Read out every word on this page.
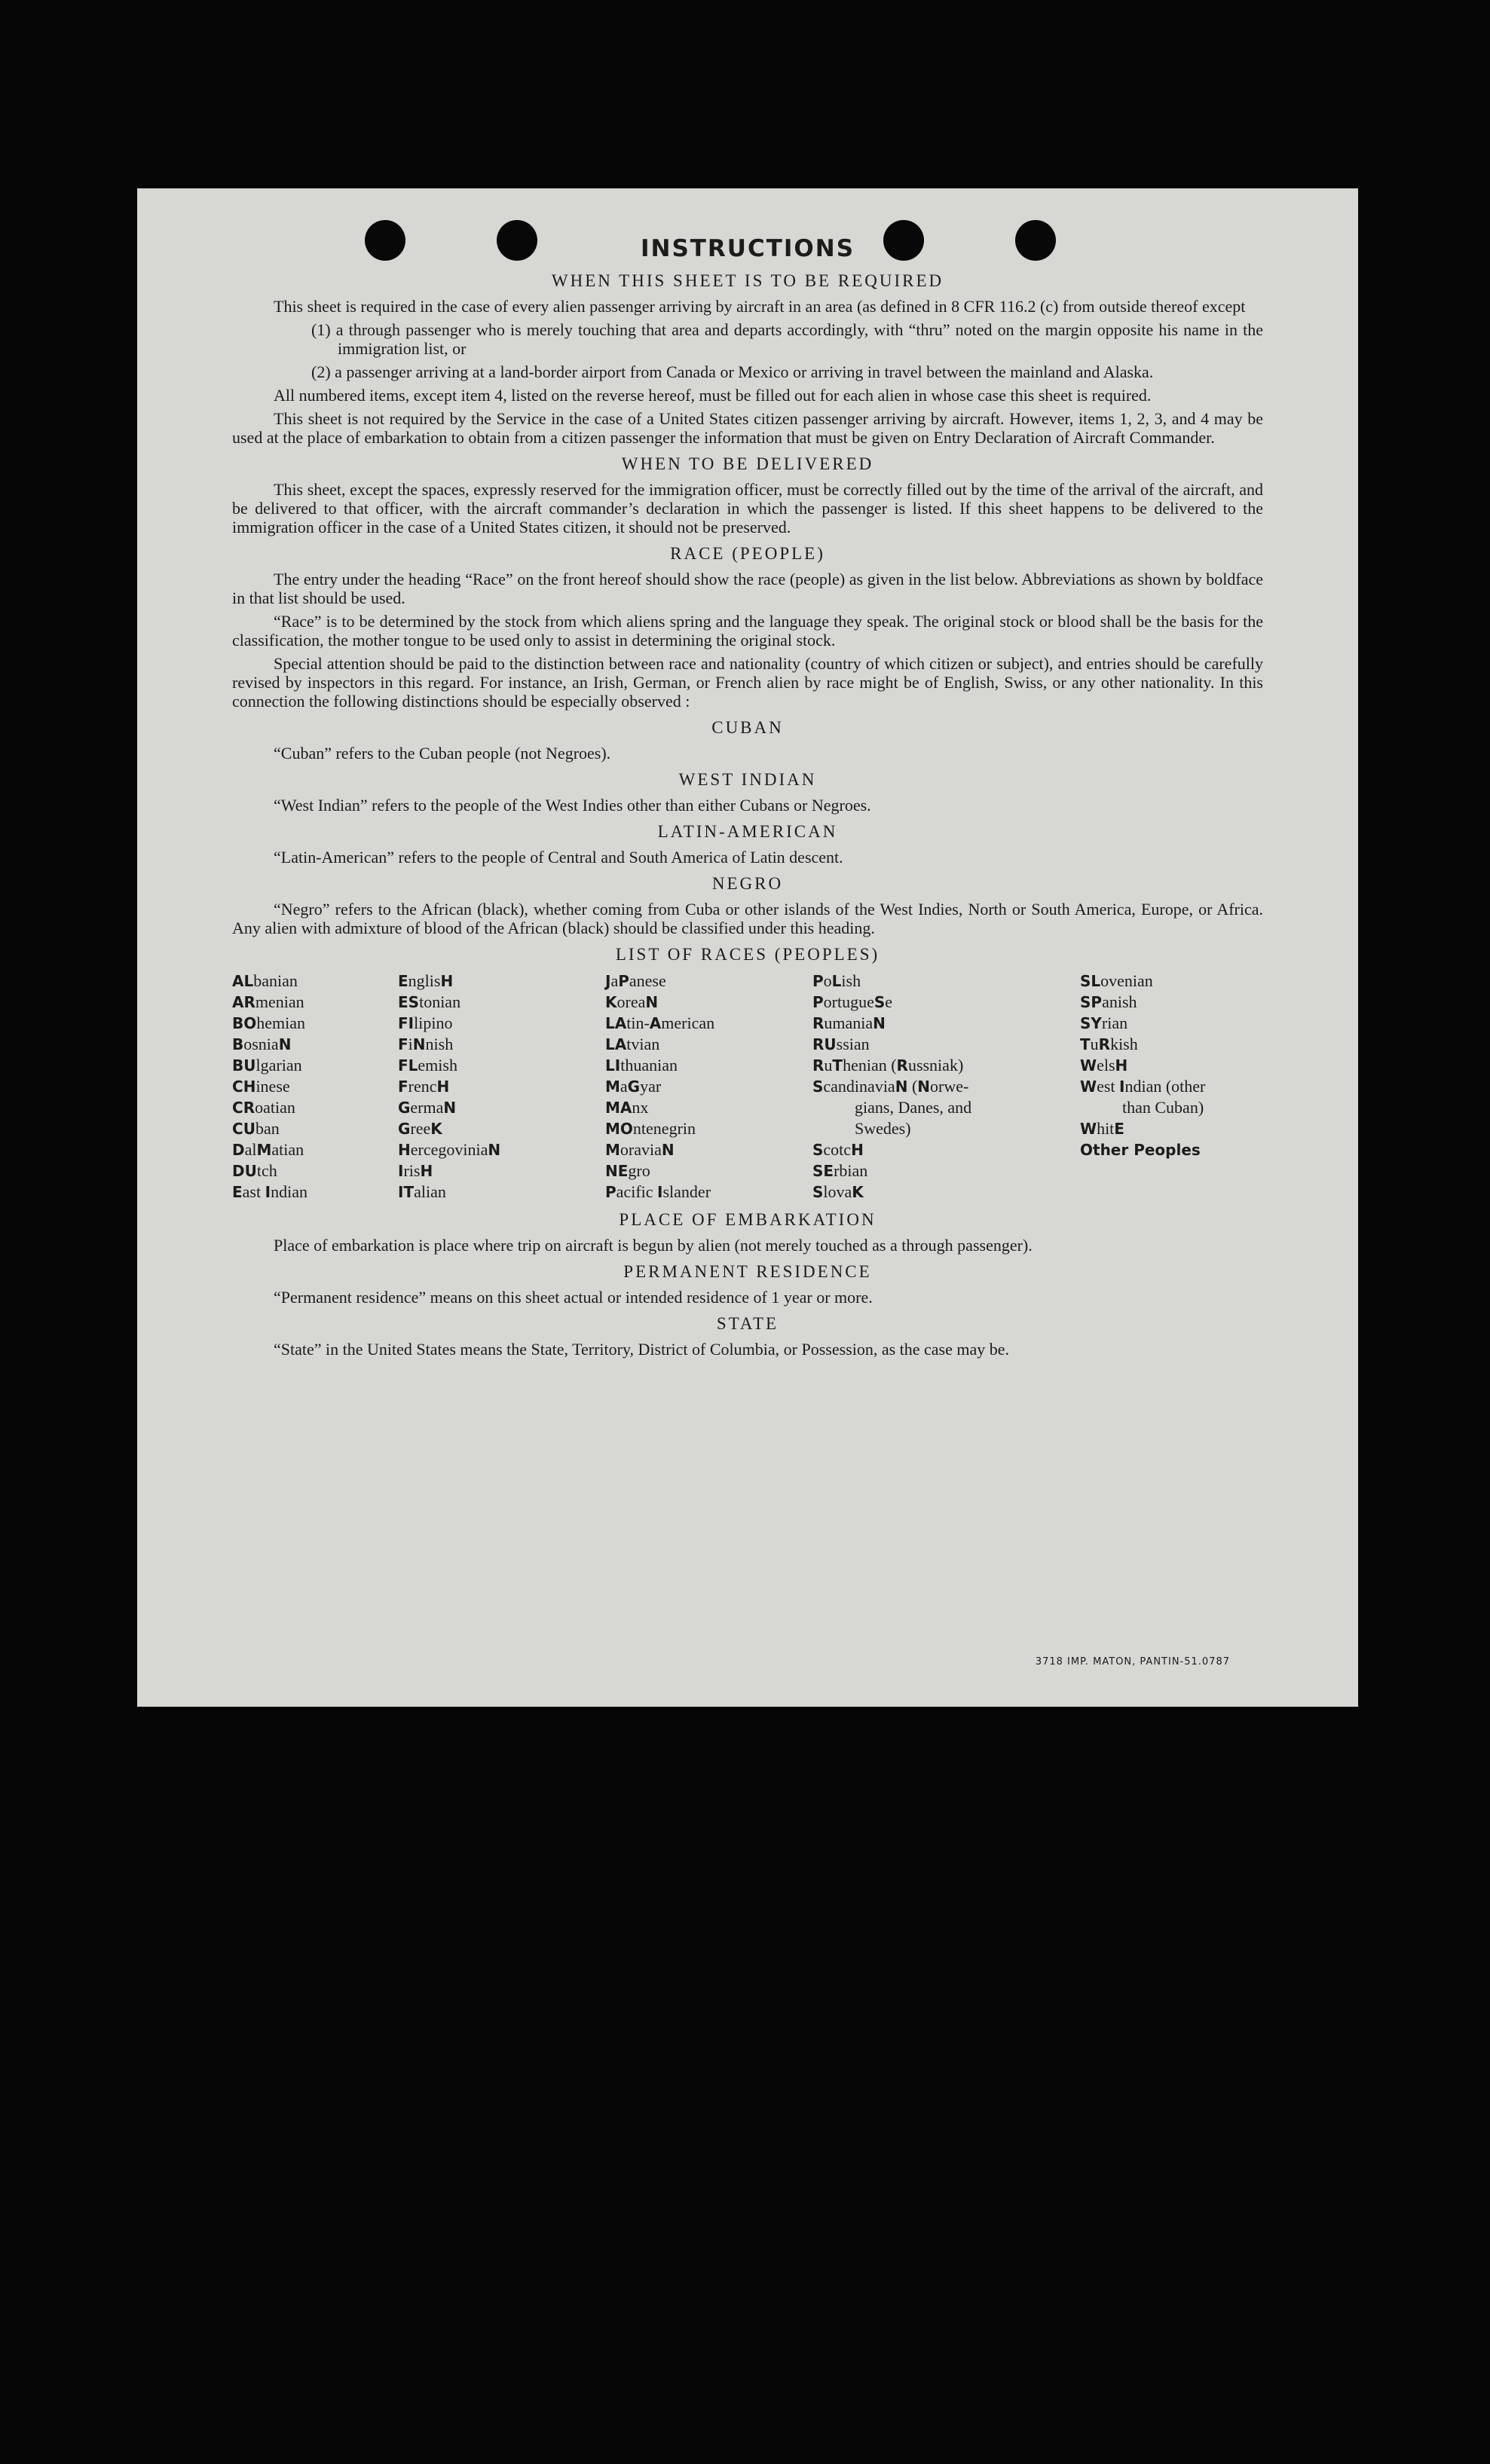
INSTRUCTIONS
WHEN THIS SHEET IS TO BE REQUIRED

This sheet is required in the case of every alien passenger arriving by aircraft in an area (as defined in 8 CFR 116.2 (c) from outside thereof except

(1) a through passenger who is merely touching that area and departs accordingly, with “thru” noted on the margin opposite his name in the immigration list, or
(2) a passenger arriving at a land-border airport from Canada or Mexico or arriving in travel between the mainland and Alaska.

All numbered items, except item 4, listed on the reverse hereof, must be filled out for each alien in whose case this sheet is required.

This sheet is not required by the Service in the case of a United States citizen passenger arriving by aircraft. However, items 1, 2, 3, and 4 may be used at the place of embarkation to obtain from a citizen passenger the information that must be given on Entry Declaration of Aircraft Commander.

WHEN TO BE DELIVERED

This sheet, except the spaces, expressly reserved for the immigration officer, must be correctly filled out by the time of the arrival of the aircraft, and be delivered to that officer, with the aircraft commander’s declaration in which the passenger is listed. If this sheet happens to be delivered to the immigration officer in the case of a United States citizen, it should not be preserved.

RACE (PEOPLE)

The entry under the heading “Race” on the front hereof should show the race (people) as given in the list below. Abbreviations as shown by boldface in that list should be used.

“Race” is to be determined by the stock from which aliens spring and the language they speak. The original stock or blood shall be the basis for the classification, the mother tongue to be used only to assist in determining the original stock.

Special attention should be paid to the distinction between race and nationality (country of which citizen or subject), and entries should be carefully revised by inspectors in this regard. For instance, an Irish, German, or French alien by race might be of English, Swiss, or any other nationality. In this connection the following distinctions should be especially observed :

CUBAN

“Cuban” refers to the Cuban people (not Negroes).

WEST INDIAN

“West Indian” refers to the people of the West Indies other than either Cubans or Negroes.

LATIN-AMERICAN

“Latin-American” refers to the people of Central and South America of Latin descent.

NEGRO

“Negro” refers to the African (black), whether coming from Cuba or other islands of the West Indies, North or South America, Europe, or Africa. Any alien with admixture of blood of the African (black) should be classified under this heading.

LIST OF RACES (PEOPLES)
ALbanian
ARmenian
BOhemian
BosniaN
BUlgarian
CHinese
CRoatian
CUban
DalMatian
DUtch
East Indian
EnglisH
EStonian
FIlipino
FiNnish
FLemish
FrencH
GermaN
GreeK
HercegoviniaN
IrisH
ITalian
JaPanese
KoreaN
LAtin-American
LAtvian
LIthuanian
MaGyar
MAnx
MOntenegrin
MoraviaN
NEgro
Pacific Islander
PoLish
PortugueSe
RumaniaN
RUssian
RuThenian (Russniak)
ScandinaviaN (Norwe-
gians, Danes, and
Swedes)
ScotcH
SErbian
SlovaK
SLovenian
SPanish
SYrian
TuRkish
WelsH
West Indian (other
than Cuban)
WhitE
Other Peoples
PLACE OF EMBARKATION

Place of embarkation is place where trip on aircraft is begun by alien (not merely touched as a through passenger).

PERMANENT RESIDENCE

“Permanent residence” means on this sheet actual or intended residence of 1 year or more.

STATE

“State” in the United States means the State, Territory, District of Columbia, or Possession, as the case may be.

3718 IMP. MATON, PANTIN-51.0787
